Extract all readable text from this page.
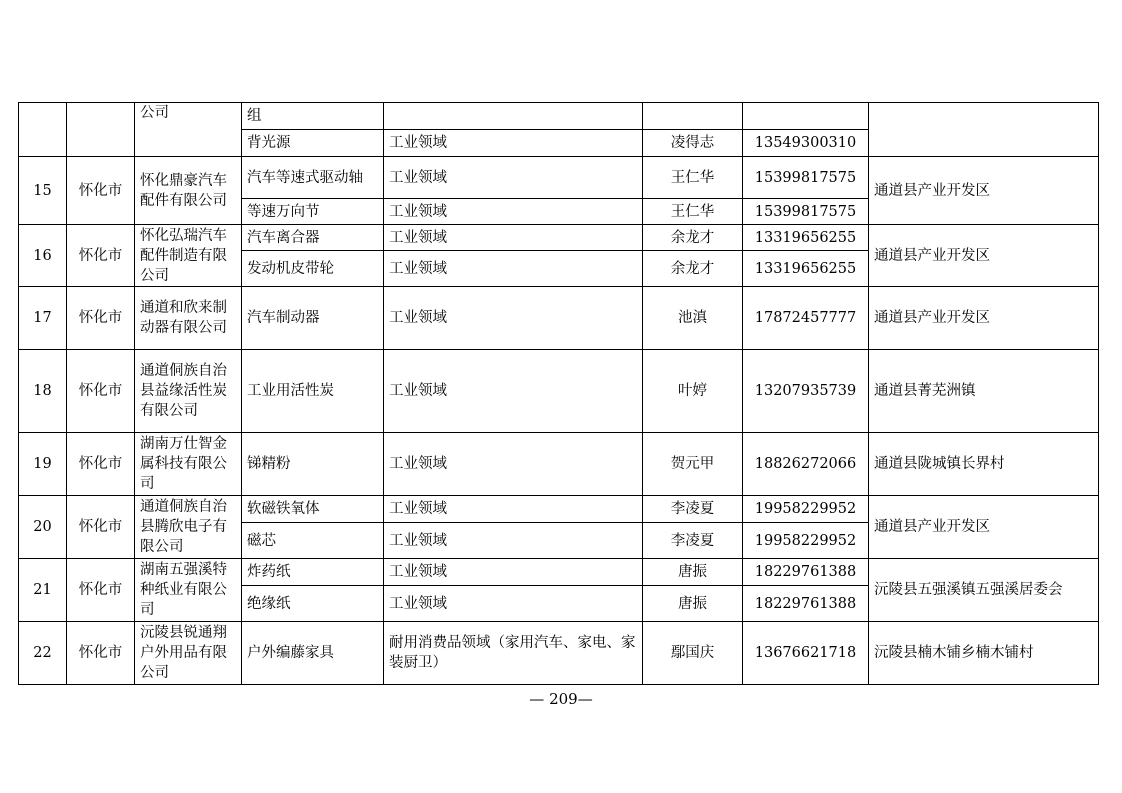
		公司	组				
			背光源	工业领域	凌得志	13549300310	
15	怀化市	怀化鼎豪汽车配件有限公司	汽车等速式驱动轴	工业领域	王仁华	15399817575	通道县产业开发区
			等速万向节	工业领域	王仁华	15399817575	
16	怀化市	怀化弘瑞汽车配件制造有限公司	汽车离合器	工业领域	余龙才	13319656255	通道县产业开发区
			发动机皮带轮	工业领域	余龙才	13319656255	
17	怀化市	通道和欣来制动器有限公司	汽车制动器	工业领域	池滇	17872457777	通道县产业开发区
18	怀化市	通道侗族自治县益缘活性炭有限公司	工业用活性炭	工业领域	叶婷	13207935739	通道县菁芜洲镇
19	怀化市	湖南万仕智金属科技有限公司	锑精粉	工业领域	贺元甲	18826272066	通道县陇城镇长界村
20	怀化市	通道侗族自治县腾欣电子有限公司	软磁铁氧体	工业领域	李凌夏	19958229952	通道县产业开发区
			磁芯	工业领域	李凌夏	19958229952	
21	怀化市	湖南五强溪特种纸业有限公司	炸药纸	工业领域	唐振	18229761388	沅陵县五强溪镇五强溪居委会
			绝缘纸	工业领域	唐振	18229761388	
22	怀化市	沅陵县锐通翔户外用品有限公司	户外编藤家具	耐用消费品领域（家用汽车、家电、家装厨卫）	鄢国庆	13676621718	沅陵县楠木铺乡楠木铺村
— 209—
